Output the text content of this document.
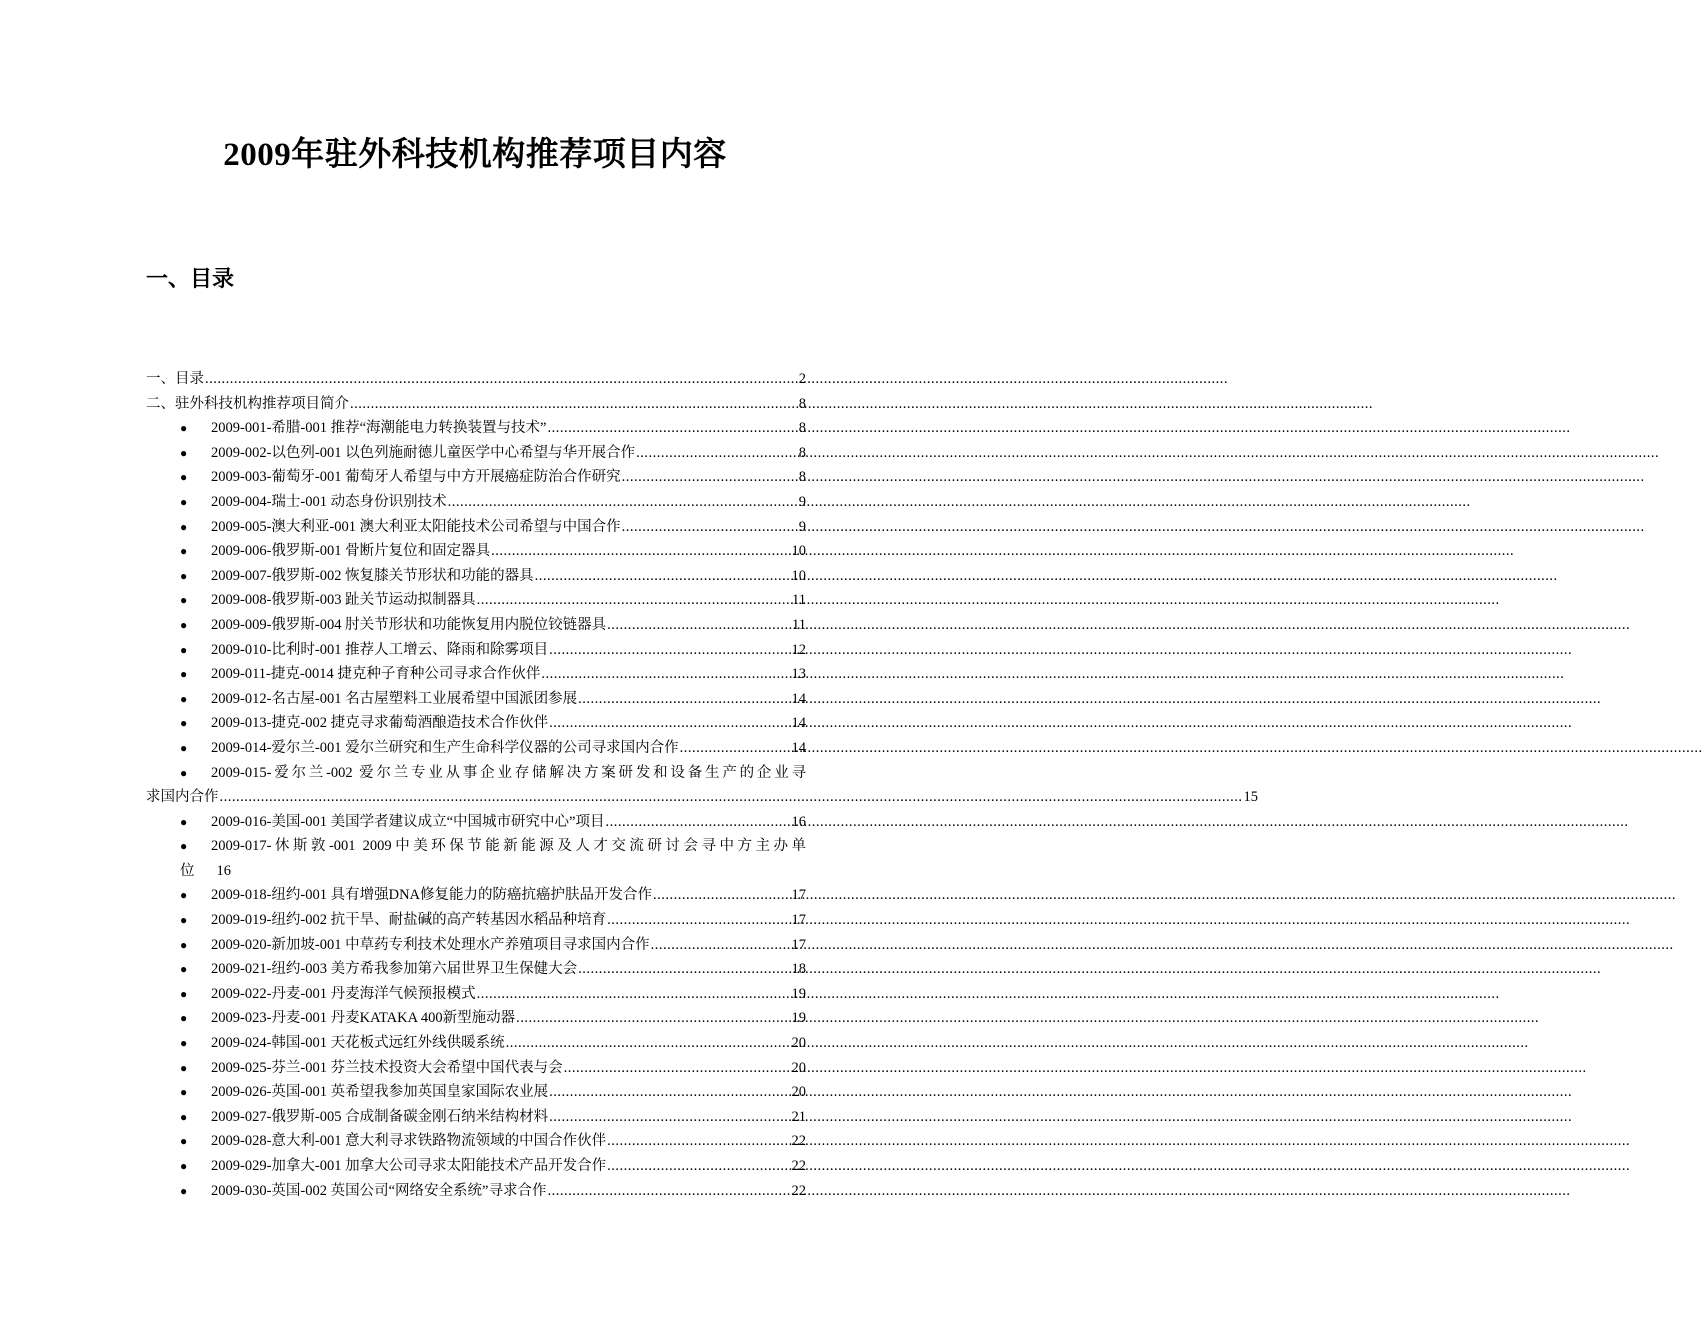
2009年驻外科技机构推荐项目内容
一、目录
一、目录 .....	2
二、驻外科技机构推荐项目简介 .....	8
●	2009-001-希腊-001 推荐“海潮能电力转换装置与技术” .....	8
●	2009-002-以色列-001 以色列施耐德儿童医学中心希望与华开展合作 .....	8
●	2009-003-葡萄牙-001 葡萄牙人希望与中方开展癌症防治合作研究 .....	8
●	2009-004-瑞士-001 动态身份识别技术 .....	9
●	2009-005-澳大利亚-001 澳大利亚太阳能技术公司希望与中国合作 .....	9
●	2009-006-俄罗斯-001 骨断片复位和固定器具 .....	10
●	2009-007-俄罗斯-002 恢复膝关节形状和功能的器具 .....	10
●	2009-008-俄罗斯-003 趾关节运动拟制器具 .....	11
●	2009-009-俄罗斯-004 肘关节形状和功能恢复用内脱位铰链器具 .....	11
●	2009-010-比利时-001 推荐人工增云、降雨和除雾项目 .....	12
●	2009-011-捷克-0014 捷克种子育种公司寻求合作伙伴 .....	13
●	2009-012-名古屋-001 名古屋塑料工业展希望中国派团参展 .....	14
●	2009-013-捷克-002 捷克寻求葡萄酒酿造技术合作伙伴 .....	14
●	2009-014-爱尔兰-001 爱尔兰研究和生产生命科学仪器的公司寻求国内合作 .....	14
●	2009-015-爱尔兰-002 爱尔兰专业从事企业存储解决方案研发和设备生产的企业寻
求国内合作 .....	15
●	2009-016-美国-001 美国学者建议成立“中国城市研究中心”项目 .....	16
●	2009-017-休斯敦-001 2009中美环保节能新能源及人才交流研讨会寻中方主办单
位 16
●	2009-018-纽约-001 具有增强DNA修复能力的防癌抗癌护肤品开发合作 .....	17
●	2009-019-纽约-002 抗干旱、耐盐碱的高产转基因水稻品种培育 .....	17
●	2009-020-新加坡-001 中草药专利技术处理水产养殖项目寻求国内合作 .....	17
●	2009-021-纽约-003 美方希我参加第六届世界卫生保健大会 .....	18
●	2009-022-丹麦-001 丹麦海洋气候预报模式 .....	19
●	2009-023-丹麦-001 丹麦KATAKA 400新型施动器 .....	19
●	2009-024-韩国-001 天花板式远红外线供暖系统 .....	20
●	2009-025-芬兰-001 芬兰技术投资大会希望中国代表与会 .....	20
●	2009-026-英国-001 英希望我参加英国皇家国际农业展 .....	20
●	2009-027-俄罗斯-005 合成制备碳金刚石纳米结构材料 .....	21
●	2009-028-意大利-001 意大利寻求铁路物流领域的中国合作伙伴 .....	22
●	2009-029-加拿大-001 加拿大公司寻求太阳能技术产品开发合作 .....	22
●	2009-030-英国-002 英国公司“网络安全系统”寻求合作 .....	22
